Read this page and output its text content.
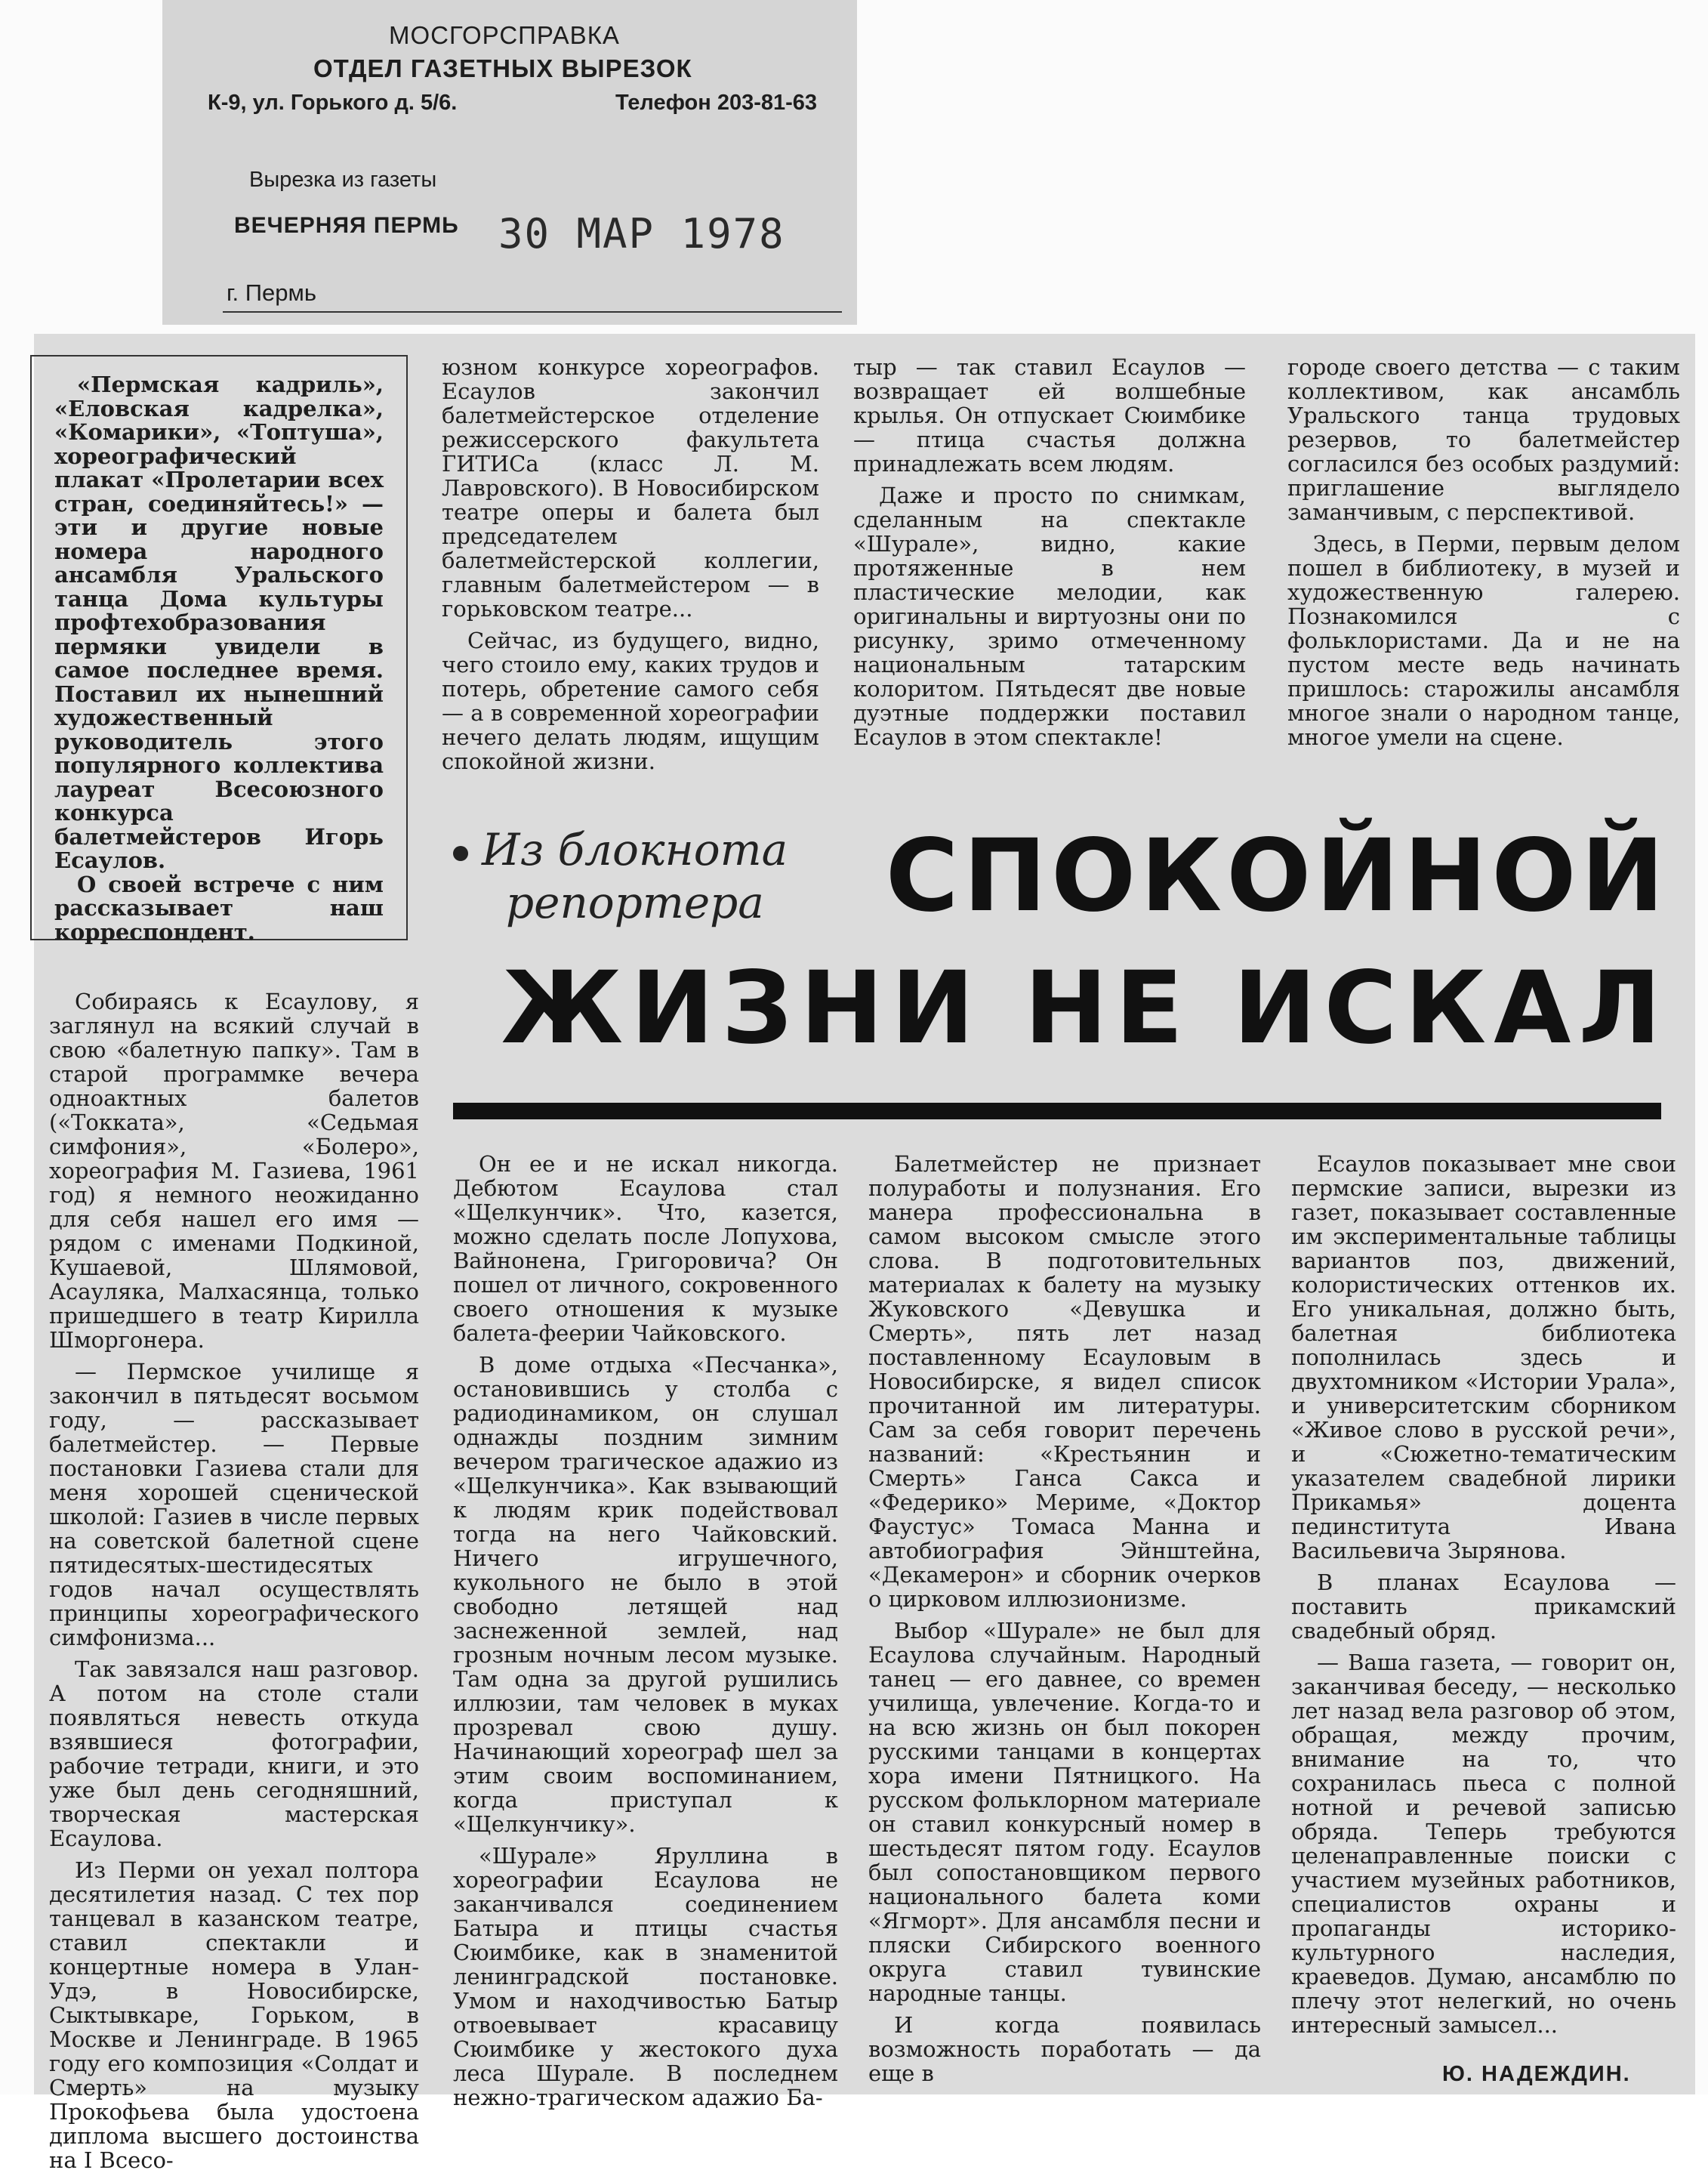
МОСГОРСПРАВКА
ОТДЕЛ ГАЗЕТНЫХ ВЫРЕЗОК
К-9, ул. Горького д. 5/6.	Телефон 203-81-63
Вырезка из газеты
ВЕЧЕРНЯЯ ПЕРМЬ 30 МАР 1978
г. Пермь

«Пермская кадриль», «Еловская кадрелка», «Комарики», «Топтуша», хореографический плакат «Пролетарии всех стран, соединяйтесь!» — эти и другие новые номера народного ансамбля Уральского танца Дома культуры профтехобразования пермяки увидели в самое последнее время. Поставил их нынешний художественный руководитель этого популярного коллектива лауреат Всесоюзного конкурса балетмейстеров Игорь Есаулов.

О своей встрече с ним рассказывает наш корреспондент.

юзном конкурсе хореографов. Есаулов закончил балетмейстерское отделение режиссерского факультета ГИТИСа (класс Л. М. Лавровского). В Новосибирском театре оперы и балета был председателем балетмейстерской коллегии, главным балетмейстером — в горьковском театре...

Сейчас, из будущего, видно, чего стоило ему, каких трудов и потерь, обретение самого себя — а в современной хореографии нечего делать людям, ищущим спокойной жизни.

тыр — так ставил Есаулов — возвращает ей волшебные крылья. Он отпускает Сюимбике — птица счастья должна принадлежать всем людям.

Даже и просто по снимкам, сделанным на спектакле «Шурале», видно, какие протяженные в нем пластические мелодии, как оригинальны и виртуозны они по рисунку, зримо отмеченному национальным татарским колоритом. Пятьдесят две новые дуэтные поддержки поставил Есаулов в этом спектакле!

городе своего детства — с таким коллективом, как ансамбль Уральского танца трудовых резервов, то балетмейстер согласился без особых раздумий: приглашение выглядело заманчивым, с перспективой.

Здесь, в Перми, первым делом пошел в библиотеку, в музей и художественную галерею. Познакомился с фольклористами. Да и не на пустом месте ведь начинать пришлось: старожилы ансамбля многое знали о народном танце, многое умели на сцене.

Из блокнота
репортера	СПОКОЙНОЙ
ЖИЗНИ НЕ ИСКАЛ

Собираясь к Есаулову, я заглянул на всякий случай в свою «балетную папку». Там в старой программке вечера одноактных балетов («Токката», «Седьмая симфония», «Болеро», хореография М. Газиева, 1961 год) я немного неожиданно для себя нашел его имя — рядом с именами Подкиной, Кушаевой, Шлямовой, Асауляка, Малхасянца, только пришедшего в театр Кирилла Шморгонера.

— Пермское училище я закончил в пятьдесят восьмом году, — рассказывает балетмейстер. — Первые постановки Газиева стали для меня хорошей сценической школой: Газиев в числе первых на советской балетной сцене пятидесятых-шестидесятых годов начал осуществлять принципы хореографического симфонизма...

Так завязался наш разговор. А потом на столе стали появляться невесть откуда взявшиеся фотографии, рабочие тетради, книги, и это уже был день сегодняшний, творческая мастерская Есаулова.

Из Перми он уехал полтора десятилетия назад. С тех пор танцевал в казанском театре, ставил спектакли и концертные номера в Улан-Удэ, в Новосибирске, Сыктывкаре, Горьком, в Москве и Ленинграде. В 1965 году его композиция «Солдат и Смерть» на музыку Прокофьева была удостоена диплома высшего достоинства на I Всесо-

Он ее и не искал никогда. Дебютом Есаулова стал «Щелкунчик». Что, казется, можно сделать после Лопухова, Вайнонена, Григоровича? Он пошел от личного, сокровенного своего отношения к музыке балета-феерии Чайковского.

В доме отдыха «Песчанка», остановившись у столба с радиодинамиком, он слушал однажды поздним зимним вечером трагическое адажио из «Щелкунчика». Как взывающий к людям крик подействовал тогда на него Чайковский. Ничего игрушечного, кукольного не было в этой свободно летящей над заснеженной землей, над грозным ночным лесом музыке. Там одна за другой рушились иллюзии, там человек в муках прозревал свою душу. Начинающий хореограф шел за этим своим воспоминанием, когда приступал к «Щелкунчику».

«Шурале» Яруллина в хореографии Есаулова не заканчивался соединением Батыра и птицы счастья Сюимбике, как в знаменитой ленинградской постановке. Умом и находчивостью Батыр отвоевывает красавицу Сюимбике у жестокого духа леса Шурале. В последнем нежно-трагическом адажио Ба-

Балетмейстер не признает полуработы и полузнания. Его манера профессиональна в самом высоком смысле этого слова. В подготовительных материалах к балету на музыку Жуковского «Девушка и Смерть», пять лет назад поставленному Есауловым в Новосибирске, я видел список прочитанной им литературы. Сам за себя говорит перечень названий: «Крестьянин и Смерть» Ганса Сакса и «Федерико» Мериме, «Доктор Фаустус» Томаса Манна и автобиография Эйнштейна, «Декамерон» и сборник очерков о цирковом иллюзионизме.

Выбор «Шурале» не был для Есаулова случайным. Народный танец — его давнее, со времен училища, увлечение. Когда-то и на всю жизнь он был покорен русскими танцами в концертах хора имени Пятницкого. На русском фольклорном материале он ставил конкурсный номер в шестьдесят пятом году. Есаулов был сопостановщиком первого национального балета коми «Ягморт». Для ансамбля песни и пляски Сибирского военного округа ставил тувинские народные танцы.

И когда появилась возможность поработать — да еще в

Есаулов показывает мне свои пермские записи, вырезки из газет, показывает составленные им экспериментальные таблицы вариантов поз, движений, колористических оттенков их. Его уникальная, должно быть, балетная библиотека пополнилась здесь и двухтомником «Истории Урала», и университетским сборником «Живое слово в русской речи», и «Сюжетно-тематическим указателем свадебной лирики Прикамья» доцента пединститута Ивана Васильевича Зырянова.

В планах Есаулова — поставить прикамский свадебный обряд.

— Ваша газета, — говорит он, заканчивая беседу, — несколько лет назад вела разговор об этом, обращая, между прочим, внимание на то, что сохранилась пьеса с полной нотной и речевой записью обряда. Теперь требуются целенаправленные поиски с участием музейных работников, специалистов охраны и пропаганды историко-культурного наследия, краеведов. Думаю, ансамблю по плечу этот нелегкий, но очень интересный замысел...

Ю. НАДЕЖДИН.
